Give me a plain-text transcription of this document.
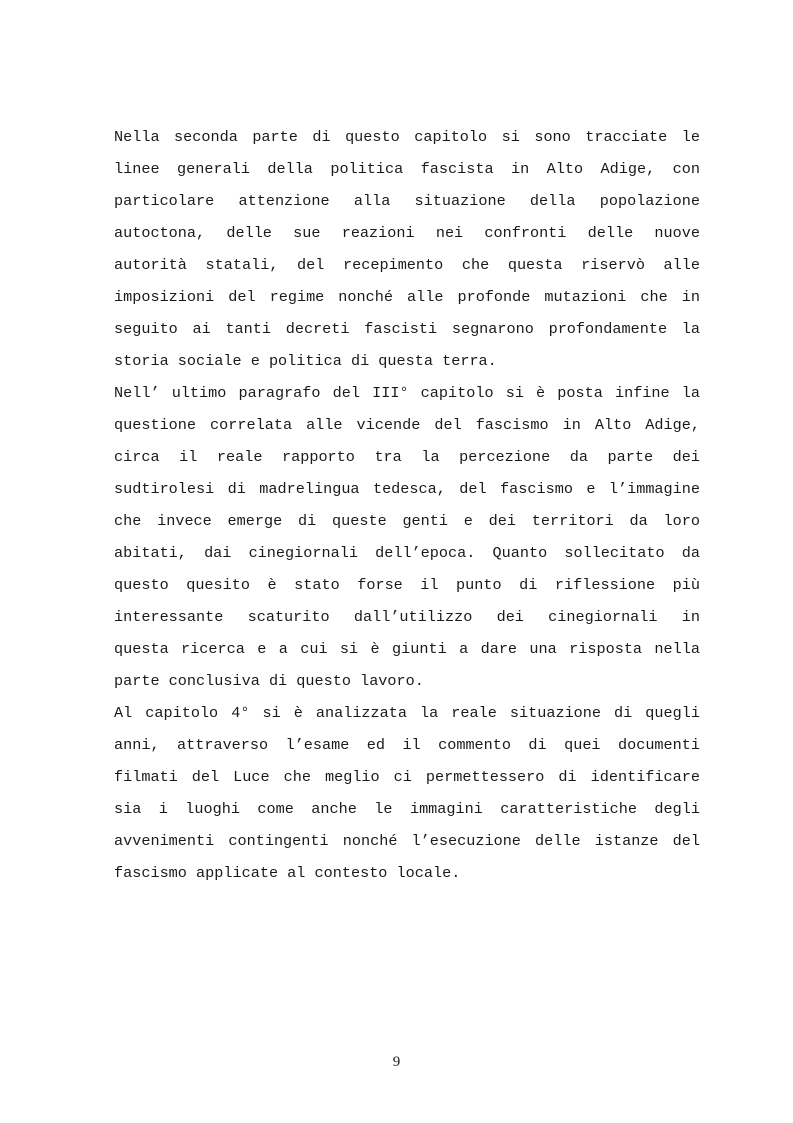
Nella seconda parte di questo capitolo si sono tracciate le
linee generali della politica fascista in Alto Adige, con
particolare attenzione alla situazione della popolazione
autoctona, delle sue reazioni nei confronti delle nuove
autorità statali, del recepimento che questa riservò alle
imposizioni del regime nonché alle profonde mutazioni che in
seguito ai tanti decreti fascisti segnarono profondamente la
storia sociale e politica di questa terra.
Nell’ ultimo paragrafo del III° capitolo si è posta infine la
questione correlata alle vicende del fascismo in Alto Adige,
circa il reale rapporto tra la percezione da parte dei
sudtirolesi di madrelingua tedesca, del fascismo e l’immagine
che invece emerge di queste genti e dei territori da loro
abitati, dai cinegiornali dell’epoca. Quanto sollecitato da
questo quesito è stato forse il punto di riflessione più
interessante scaturito dall’utilizzo dei cinegiornali in
questa ricerca e a cui si è giunti a dare una risposta nella
parte conclusiva di questo lavoro.
Al capitolo 4° si è analizzata la reale situazione di quegli
anni, attraverso l’esame ed il commento di quei documenti
filmati del Luce che meglio ci permettessero di identificare
sia i luoghi come anche le immagini caratteristiche degli
avvenimenti contingenti nonché l’esecuzione delle istanze del
fascismo applicate al contesto locale.
9
